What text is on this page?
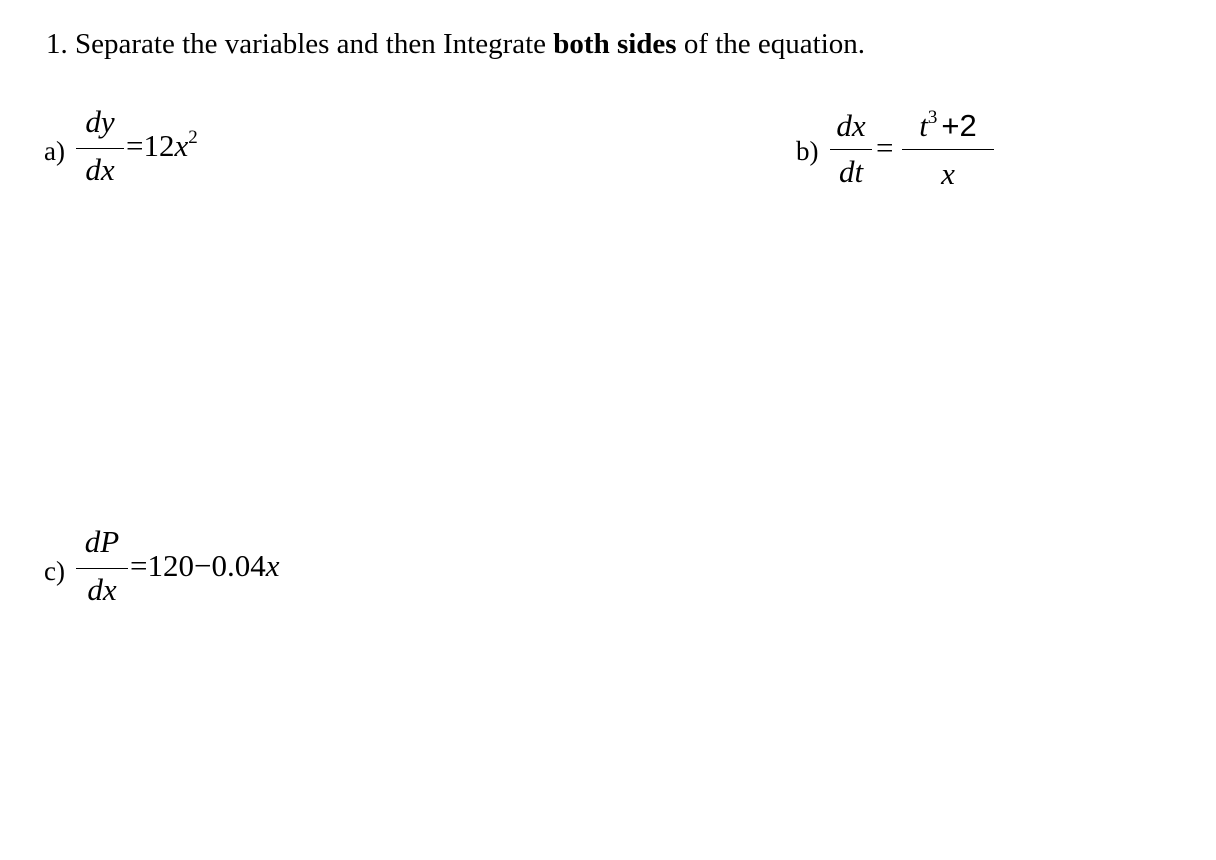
1. Separate the variables and then Integrate both sides of the equation.
a)
dy
dx
$=12x^2$	b)
dx
dt
=
$t^3 +2$
x
c)
dP
dx
=120−0.04x
